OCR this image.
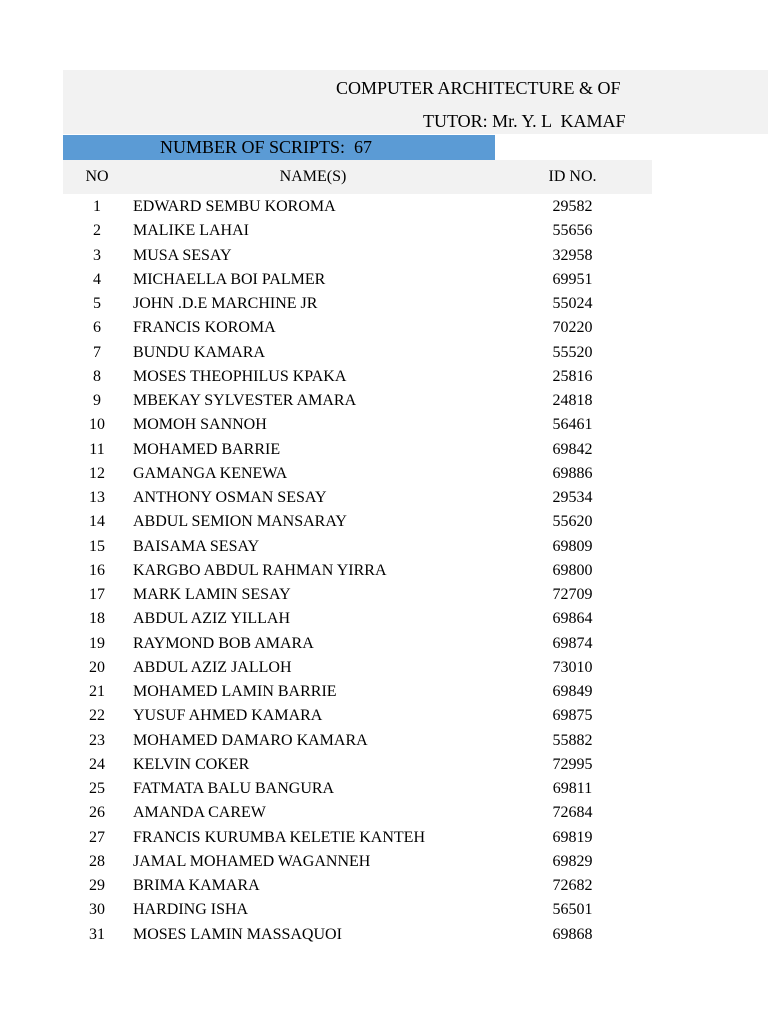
COMPUTER ARCHITECTURE & OF
TUTOR: Mr. Y. L  KAMAF
NUMBER OF SCRIPTS:  67
NO	NAME(S)	ID NO.
1	EDWARD SEMBU KOROMA	29582
2	MALIKE LAHAI	55656
3	MUSA SESAY	32958
4	MICHAELLA BOI PALMER	69951
5	JOHN .D.E MARCHINE JR	55024
6	FRANCIS KOROMA	70220
7	BUNDU KAMARA	55520
8	MOSES THEOPHILUS KPAKA	25816
9	MBEKAY SYLVESTER AMARA	24818
10	MOMOH SANNOH	56461
11	MOHAMED BARRIE	69842
12	GAMANGA KENEWA	69886
13	ANTHONY OSMAN SESAY	29534
14	ABDUL SEMION MANSARAY	55620
15	BAISAMA SESAY	69809
16	KARGBO ABDUL RAHMAN YIRRA	69800
17	MARK LAMIN SESAY	72709
18	ABDUL AZIZ YILLAH	69864
19	RAYMOND BOB AMARA	69874
20	ABDUL AZIZ JALLOH	73010
21	MOHAMED LAMIN BARRIE	69849
22	YUSUF AHMED KAMARA	69875
23	MOHAMED DAMARO KAMARA	55882
24	KELVIN COKER	72995
25	FATMATA BALU BANGURA	69811
26	AMANDA CAREW	72684
27	FRANCIS KURUMBA KELETIE KANTEH	69819
28	JAMAL MOHAMED WAGANNEH	69829
29	BRIMA KAMARA	72682
30	HARDING ISHA	56501
31	MOSES LAMIN MASSAQUOI	69868
